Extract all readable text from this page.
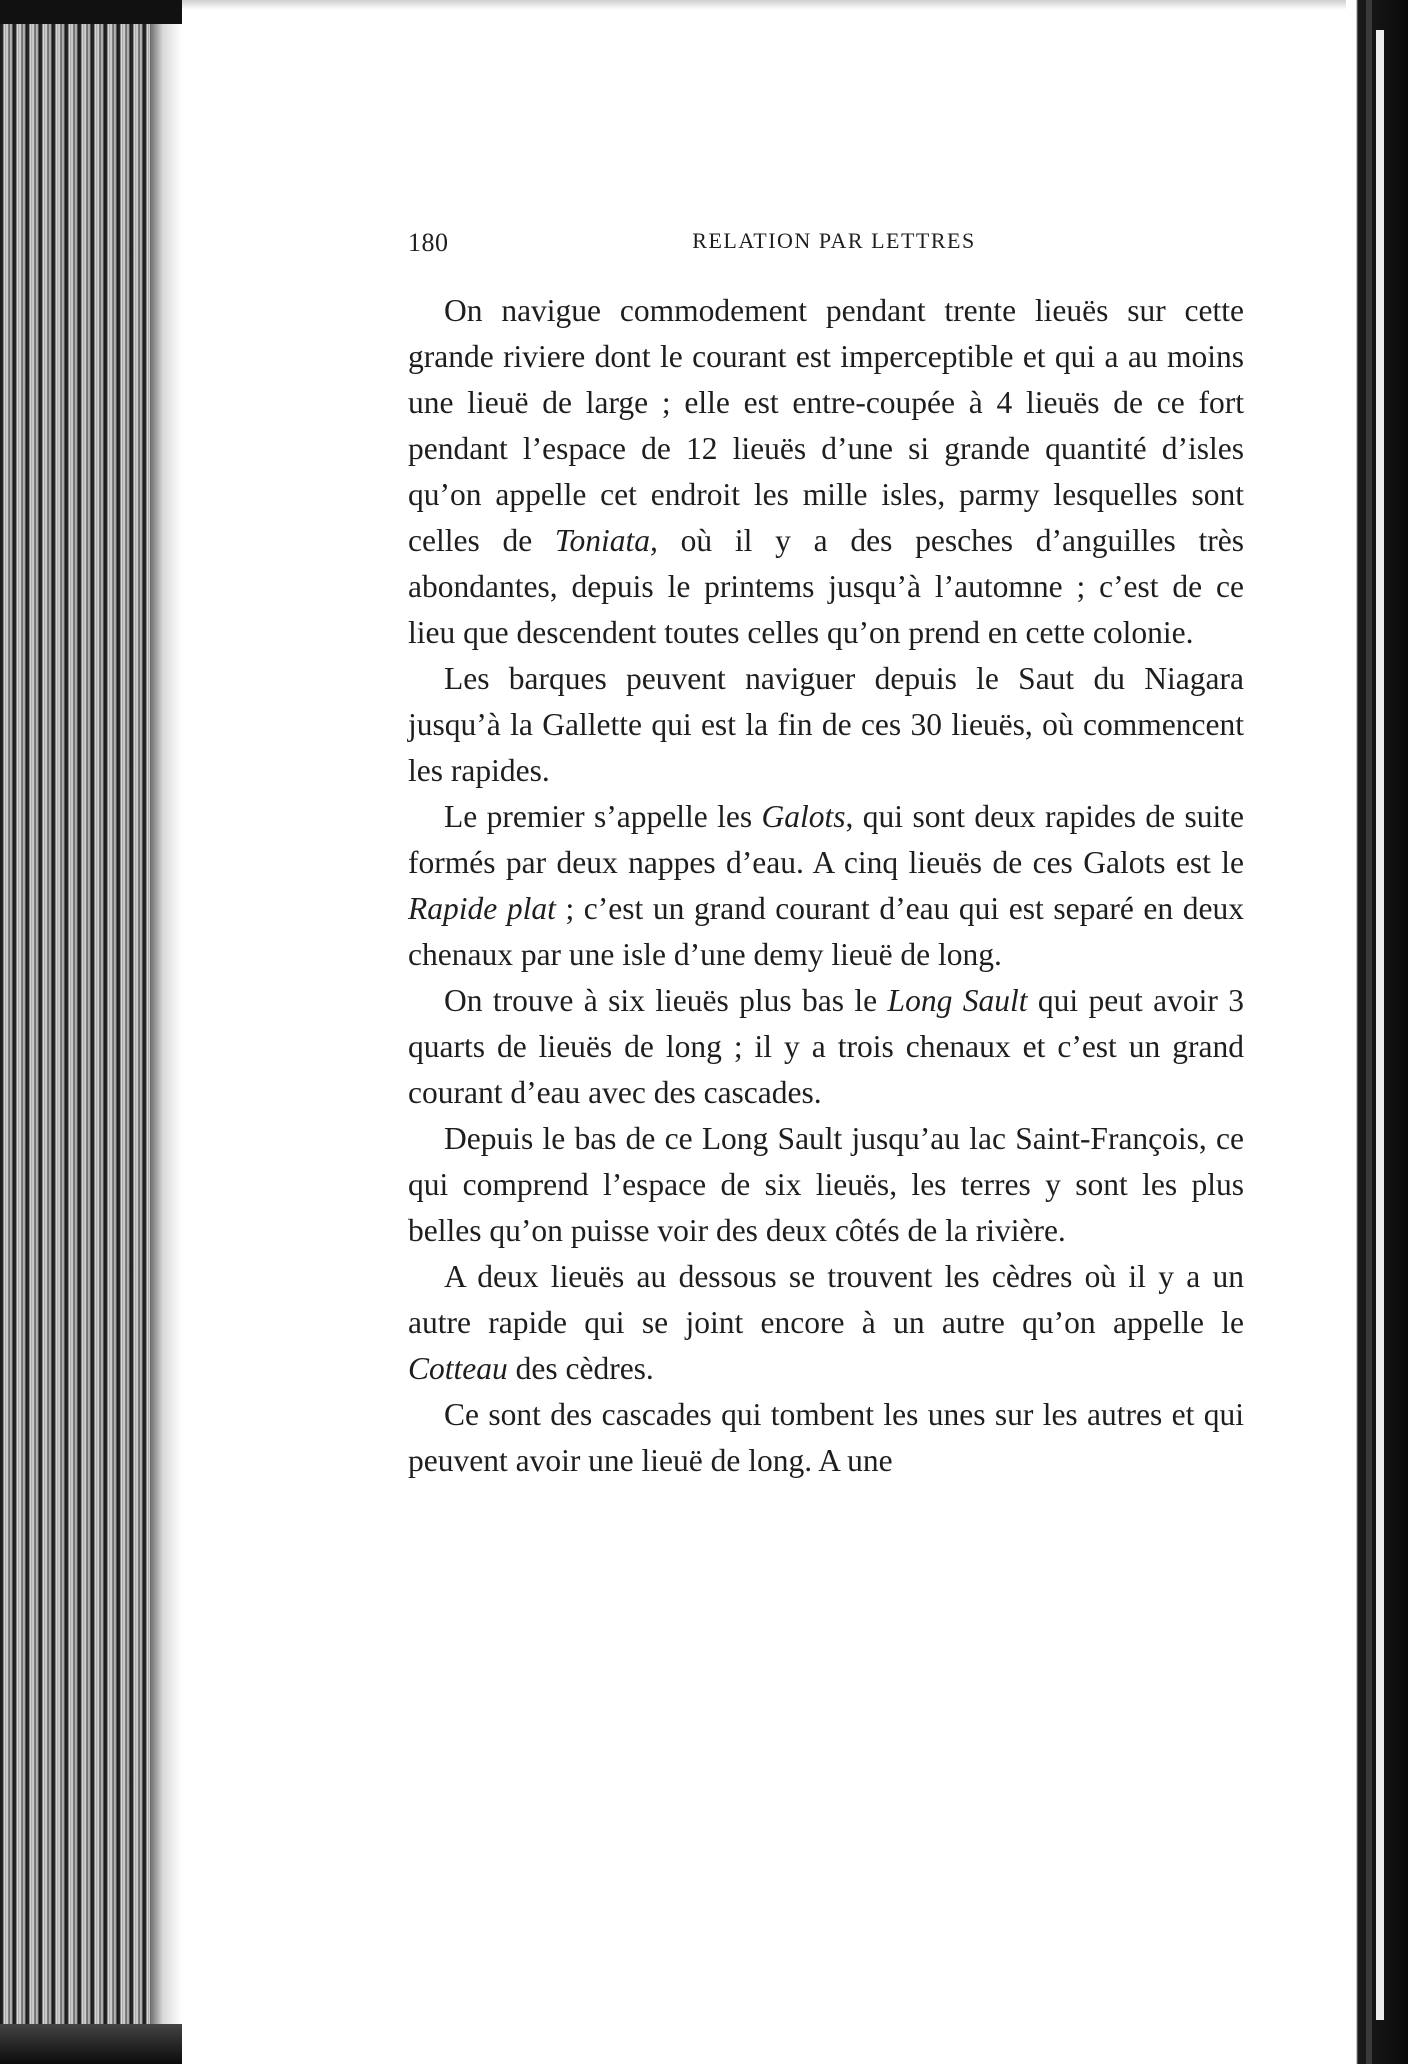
180	RELATION PAR LETTRES

On navigue commodement pendant trente lieuës sur cette grande riviere dont le courant est imperceptible et qui a au moins une lieuë de large ; elle est entre-coupée à 4 lieuës de ce fort pendant l’espace de 12 lieuës d’une si grande quantité d’isles qu’on appelle cet endroit les mille isles, parmy lesquelles sont celles de Toniata, où il y a des pesches d’anguilles très abondantes, depuis le printems jusqu’à l’automne ; c’est de ce lieu que descendent toutes celles qu’on prend en cette colonie.

Les barques peuvent naviguer depuis le Saut du Niagara jusqu’à la Gallette qui est la fin de ces 30 lieuës, où commencent les rapides.

Le premier s’appelle les Galots, qui sont deux rapides de suite formés par deux nappes d’eau. A cinq lieuës de ces Galots est le Rapide plat ; c’est un grand courant d’eau qui est separé en deux chenaux par une isle d’une demy lieuë de long.

On trouve à six lieuës plus bas le Long Sault qui peut avoir 3 quarts de lieuës de long ; il y a trois chenaux et c’est un grand courant d’eau avec des cascades.

Depuis le bas de ce Long Sault jusqu’au lac Saint-François, ce qui comprend l’espace de six lieuës, les terres y sont les plus belles qu’on puisse voir des deux côtés de la rivière.

A deux lieuës au dessous se trouvent les cèdres où il y a un autre rapide qui se joint encore à un autre qu’on appelle le Cotteau des cèdres.

Ce sont des cascades qui tombent les unes sur les autres et qui peuvent avoir une lieuë de long. A une
